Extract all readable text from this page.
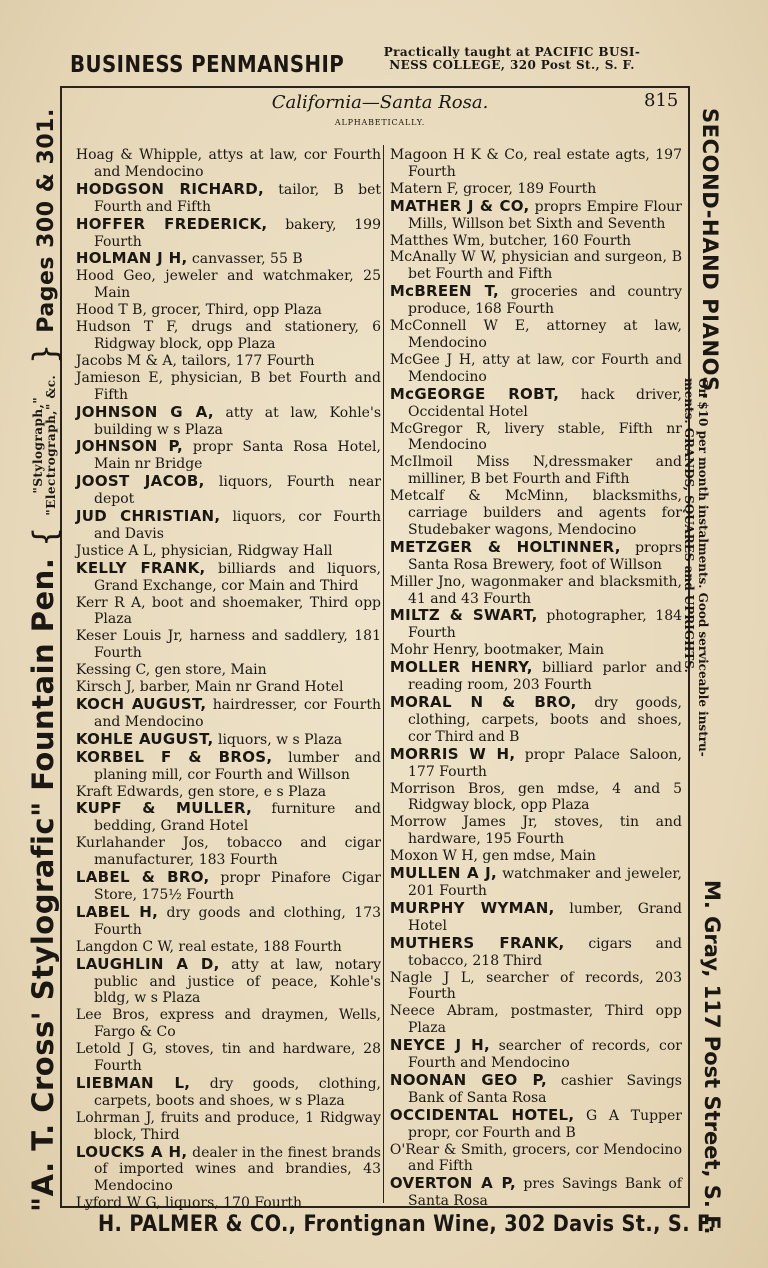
BUSINESS PENMANSHIP	Practically taught at PACIFIC BUSI-
NESS COLLEGE, 320 Post St., S. F.
California—Santa Rosa.	815
ALPHABETICALLY.

Hoag & Whipple, attys at law, cor Fourth and Mendocino

HODGSON RICHARD, tailor, B bet Fourth and Fifth

HOFFER FREDERICK, bakery, 199 Fourth

HOLMAN J H, canvasser, 55 B

Hood Geo, jeweler and watchmaker, 25 Main

Hood T B, grocer, Third, opp Plaza

Hudson T F, drugs and stationery, 6 Ridgway block, opp Plaza

Jacobs M & A, tailors, 177 Fourth

Jamieson E, physician, B bet Fourth and Fifth

JOHNSON G A, atty at law, Kohle's building w s Plaza

JOHNSON P, propr Santa Rosa Hotel, Main nr Bridge

JOOST JACOB, liquors, Fourth near depot

JUD CHRISTIAN, liquors, cor Fourth and Davis

Justice A L, physician, Ridgway Hall

KELLY FRANK, billiards and liquors, Grand Exchange, cor Main and Third

Kerr R A, boot and shoemaker, Third opp Plaza

Keser Louis Jr, harness and saddlery, 181 Fourth

Kessing C, gen store, Main

Kirsch J, barber, Main nr Grand Hotel

KOCH AUGUST, hairdresser, cor Fourth and Mendocino

KOHLE AUGUST, liquors, w s Plaza

KORBEL F & BROS, lumber and planing mill, cor Fourth and Willson

Kraft Edwards, gen store, e s Plaza

KUPF & MULLER, furniture and bedding, Grand Hotel

Kurlahander Jos, tobacco and cigar manufacturer, 183 Fourth

LABEL & BRO, propr Pinafore Cigar Store, 175½ Fourth

LABEL H, dry goods and clothing, 173 Fourth

Langdon C W, real estate, 188 Fourth

LAUGHLIN A D, atty at law, notary public and justice of peace, Kohle's bldg, w s Plaza

Lee Bros, express and draymen, Wells, Fargo & Co

Letold J G, stoves, tin and hardware, 28 Fourth

LIEBMAN L, dry goods, clothing, carpets, boots and shoes, w s Plaza

Lohrman J, fruits and produce, 1 Ridgway block, Third

LOUCKS A H, dealer in the finest brands of imported wines and brandies, 43 Mendocino

Lyford W G, liquors, 170 Fourth

Magoon H K & Co, real estate agts, 197 Fourth

Matern F, grocer, 189 Fourth

MATHER J & CO, proprs Empire Flour Mills, Willson bet Sixth and Seventh

Matthes Wm, butcher, 160 Fourth

McAnally W W, physician and surgeon, B bet Fourth and Fifth

McBREEN T, groceries and country produce, 168 Fourth

McConnell W E, attorney at law, Mendocino

McGee J H, atty at law, cor Fourth and Mendocino

McGEORGE ROBT, hack driver, Occidental Hotel

McGregor R, livery stable, Fifth nr Mendocino

McIlmoil Miss N,dressmaker and milliner, B bet Fourth and Fifth

Metcalf & McMinn, blacksmiths, carriage builders and agents for Studebaker wagons, Mendocino

METZGER & HOLTINNER, proprs Santa Rosa Brewery, foot of Willson

Miller Jno, wagonmaker and blacksmith, 41 and 43 Fourth

MILTZ & SWART, photographer, 184 Fourth

Mohr Henry, bootmaker, Main

MOLLER HENRY, billiard parlor and reading room, 203 Fourth

MORAL N & BRO, dry goods, clothing, carpets, boots and shoes, cor Third and B

MORRIS W H, propr Palace Saloon, 177 Fourth

Morrison Bros, gen mdse, 4 and 5 Ridgway block, opp Plaza

Morrow James Jr, stoves, tin and hardware, 195 Fourth

Moxon W H, gen mdse, Main

MULLEN A J, watchmaker and jeweler, 201 Fourth

MURPHY WYMAN, lumber, Grand Hotel

MUTHERS FRANK, cigars and tobacco, 218 Third

Nagle J L, searcher of records, 203 Fourth

Neece Abram, postmaster, Third opp Plaza

NEYCE J H, searcher of records, cor Fourth and Mendocino

NOONAN GEO P, cashier Savings Bank of Santa Rosa

OCCIDENTAL HOTEL, G A Tupper propr, cor Fourth and B

O'Rear & Smith, grocers, cor Mendocino and Fifth

OVERTON A P, pres Savings Bank of Santa Rosa

"A. T. Cross' Stylografic" Fountain Pen. { "Stylograph,"
"Electrograph," &c. } Pages 300 & 301.	SECOND-HAND PIANOS.
On $10 per month instalments. Good serviceable instru-
ments. GRANDS, SQUARES and UPRIGHTS.
M. Gray, 117 Post Street, S. F.
H. PALMER & CO., Frontignan Wine, 302 Davis St., S. F.
